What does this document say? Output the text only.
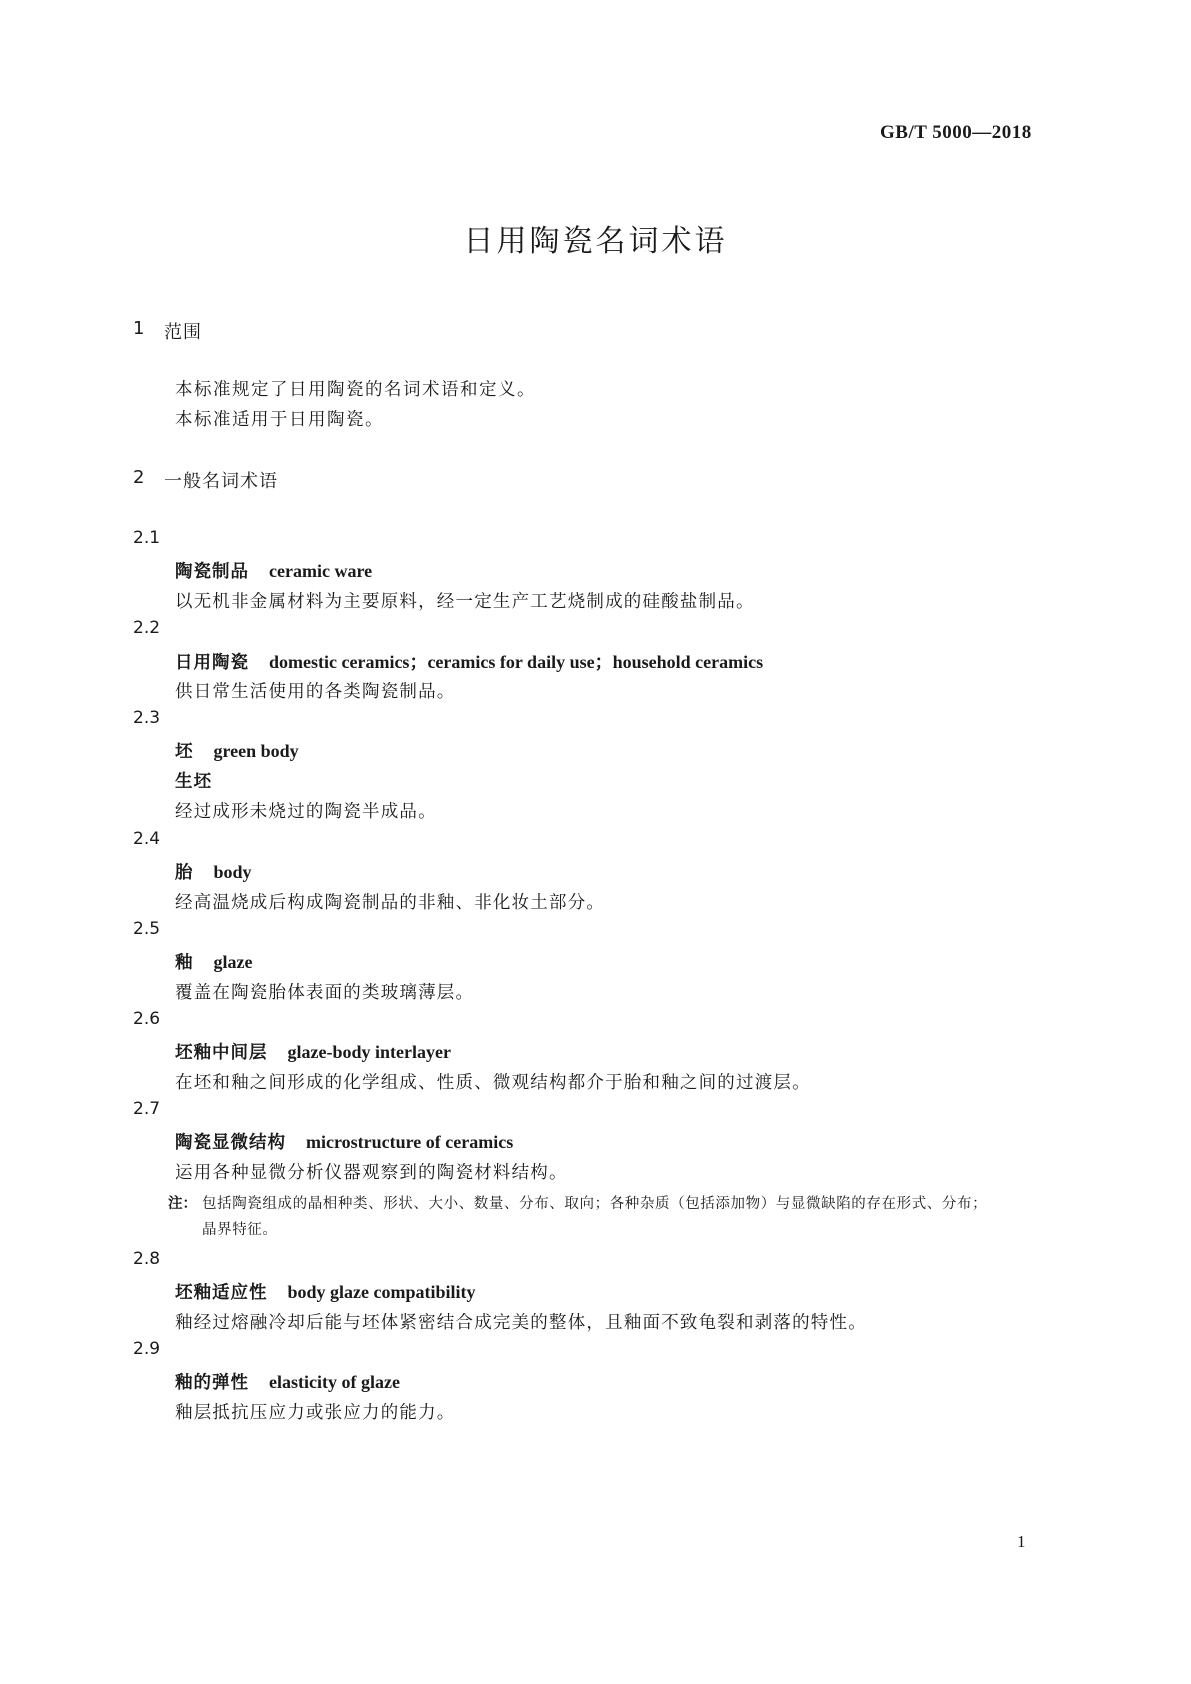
GB/T 5000—2018
日用陶瓷名词术语
1 范围
本标准规定了日用陶瓷的名词术语和定义。
本标准适用于日用陶瓷。
2 一般名词术语
2.1
陶瓷制品 ceramic ware
以无机非金属材料为主要原料，经一定生产工艺烧制成的硅酸盐制品。
2.2
日用陶瓷 domestic ceramics；ceramics for daily use；household ceramics
供日常生活使用的各类陶瓷制品。
2.3
坯 green body
生坯
经过成形未烧过的陶瓷半成品。
2.4
胎 body
经高温烧成后构成陶瓷制品的非釉、非化妆土部分。
2.5
釉 glaze
覆盖在陶瓷胎体表面的类玻璃薄层。
2.6
坯釉中间层 glaze-body interlayer
在坯和釉之间形成的化学组成、性质、微观结构都介于胎和釉之间的过渡层。
2.7
陶瓷显微结构 microstructure of ceramics
运用各种显微分析仪器观察到的陶瓷材料结构。
注： 包括陶瓷组成的晶相种类、形状、大小、数量、分布、取向；各种杂质（包括添加物）与显微缺陷的存在形式、分布；
晶界特征。
2.8
坯釉适应性 body glaze compatibility
釉经过熔融冷却后能与坯体紧密结合成完美的整体，且釉面不致龟裂和剥落的特性。
2.9
釉的弹性 elasticity of glaze
釉层抵抗压应力或张应力的能力。
1
